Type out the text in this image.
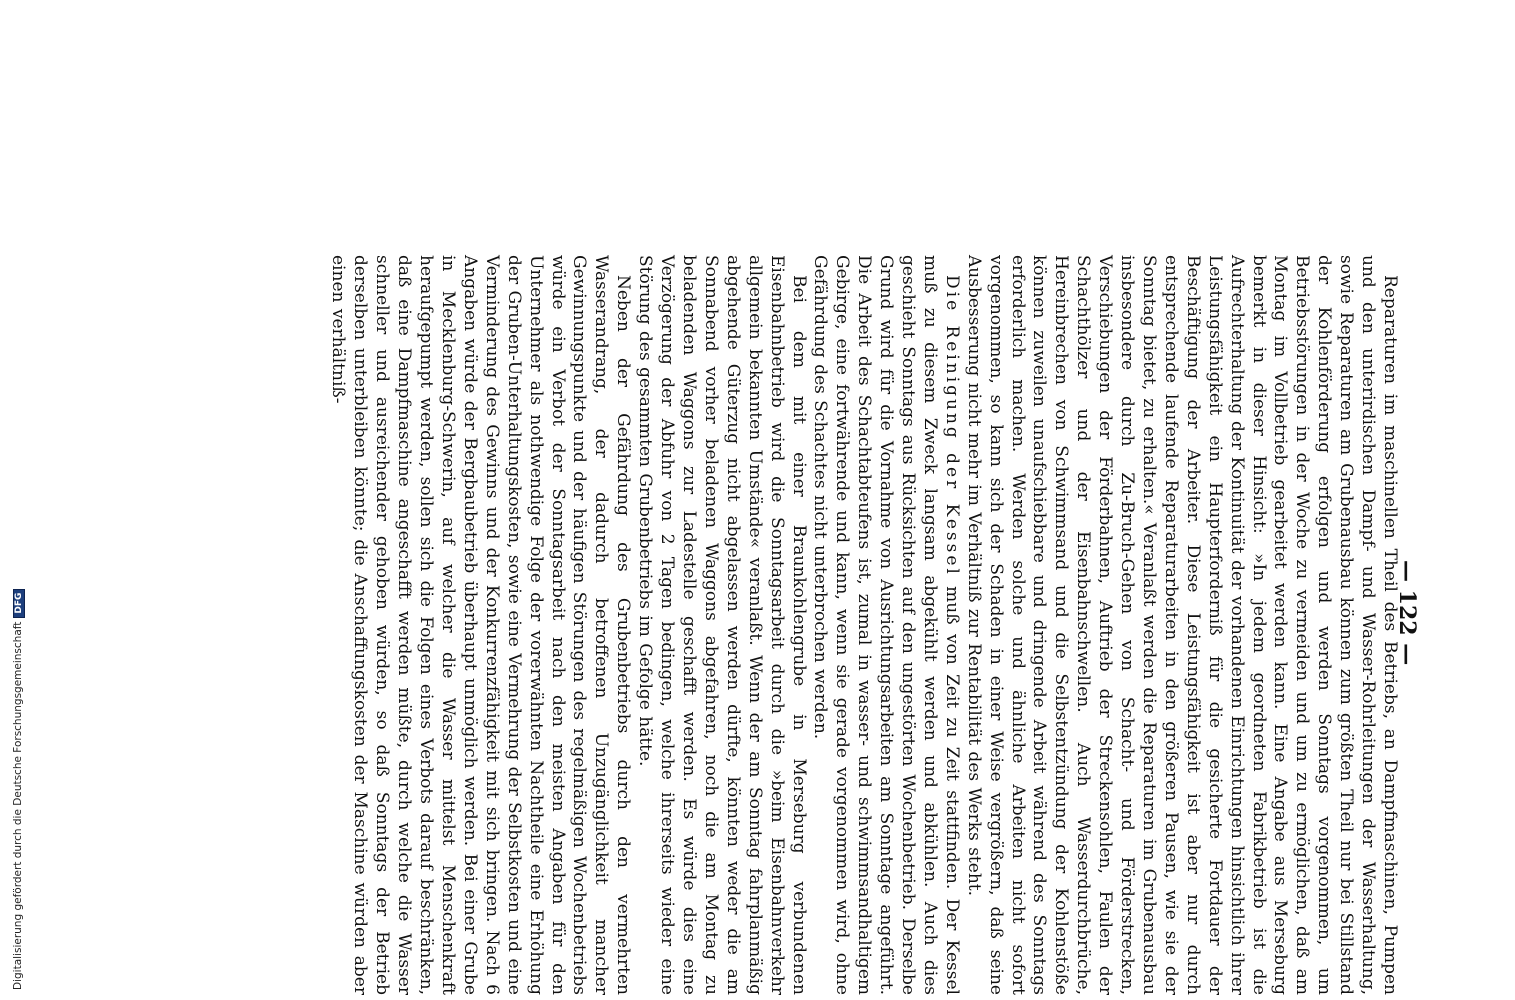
— 122 —

Reparaturen im maschinellen Theil des Betriebs, an Dampfmaschinen, Pumpen und den unterirdischen Dampf- und Wasser-Rohrleitungen der Wasserhaltung, sowie Reparaturen am Grubenausbau können zum größten Theil nur bei Stillstand der Kohlenförderung erfolgen und werden Sonntags vorgenommen, um Betriebsstörungen in der Woche zu vermeiden und um zu ermöglichen, daß am Montag im Vollbetrieb gearbeitet werden kann. Eine Angabe aus Merseburg bemerkt in dieser Hinsicht: »In jedem geordneten Fabrikbetrieb ist die Aufrechterhaltung der Kontinuität der vorhandenen Einrichtungen hinsichtlich ihrer Leistungsfähigkeit ein Haupterforderniß für die gesicherte Fortdauer der Beschäftigung der Arbeiter. Diese Leistungsfähigkeit ist aber nur durch entsprechende laufende Reparaturarbeiten in den größeren Pausen, wie sie der Sonntag bietet, zu erhalten.« Veranlaßt werden die Reparaturen im Grubenausbau insbesondere durch Zu-Bruch-Gehen von Schacht- und Förderstrecken, Verschiebungen der Förderbahnen, Auftrieb der Streckensohlen, Faulen der Schachthölzer und der Eisenbahnschwellen. Auch Wasserdurchbrüche, Hereinbrechen von Schwimmsand und die Selbstentzündung der Kohlenstöße können zuweilen unaufschiebbare und dringende Arbeit während des Sonntags erforderlich machen. Werden solche und ähnliche Arbeiten nicht sofort vorgenommen, so kann sich der Schaden in einer Weise vergrößern, daß seine Ausbesserung nicht mehr im Verhältniß zur Rentabilität des Werks steht.

Die Reinigung der Kessel muß von Zeit zu Zeit stattfinden. Der Kessel muß zu diesem Zweck langsam abgekühlt werden und abkühlen. Auch dies geschieht Sonntags aus Rücksichten auf den ungestörten Wochenbetrieb. Derselbe Grund wird für die Vornahme von Ausrichtungsarbeiten am Sonntage angeführt. Die Arbeit des Schachtabteufens ist, zumal in wasser- und schwimmsandhaltigem Gebirge, eine fortwährende und kann, wenn sie gerade vorgenommen wird, ohne Gefährdung des Schachtes nicht unterbrochen werden.

Bei dem mit einer Braunkohlengrube in Merseburg verbundenen Eisenbahnbetrieb wird die Sonntagsarbeit durch die »beim Eisenbahnverkehr allgemein bekannten Umstände« veranlaßt. Wenn der am Sonntag fahrplanmäßig abgehende Güterzug nicht abgelassen werden dürfte, könnten weder die am Sonnabend vorher beladenen Waggons abgefahren, noch die am Montag zu beladenden Waggons zur Ladestelle geschafft werden. Es würde dies eine Verzögerung der Abfuhr von 2 Tagen bedingen, welche ihrerseits wieder eine Störung des gesammten Grubenbetriebs im Gefolge hätte.

Neben der Gefährdung des Grubenbetriebs durch den vermehrten Wasserandrang, der dadurch betroffenen Unzugänglichkeit mancher Gewinnungspunkte und der häufigen Störungen des regelmäßigen Wochenbetriebs würde ein Verbot der Sonntagsarbeit nach den meisten Angaben für den Unternehmer als nothwendige Folge der vorerwähnten Nachtheile eine Erhöhung der Gruben-Unterhaltungskosten, sowie eine Vermehrung der Selbstkosten und eine Verminderung des Gewinns und der Konkurrenzfähigkeit mit sich bringen. Nach 6 Angaben würde der Bergbaubetrieb überhaupt unmöglich werden. Bei einer Grube in Mecklenburg-Schwerin, auf welcher die Wasser mittelst Menschenkraft heraufgepumpt werden, sollen sich die Folgen eines Verbots darauf beschränken, daß eine Dampfmaschine angeschafft werden müßte, durch welche die Wasser schneller und ausreichender gehoben würden, so daß Sonntags der Betrieb derselben unterbleiben könnte; die Anschaffungskosten der Maschine würden aber einen verhältniß-

Digitalisierung gefördert durch die Deutsche ForschungsgemeinschaftDFG
